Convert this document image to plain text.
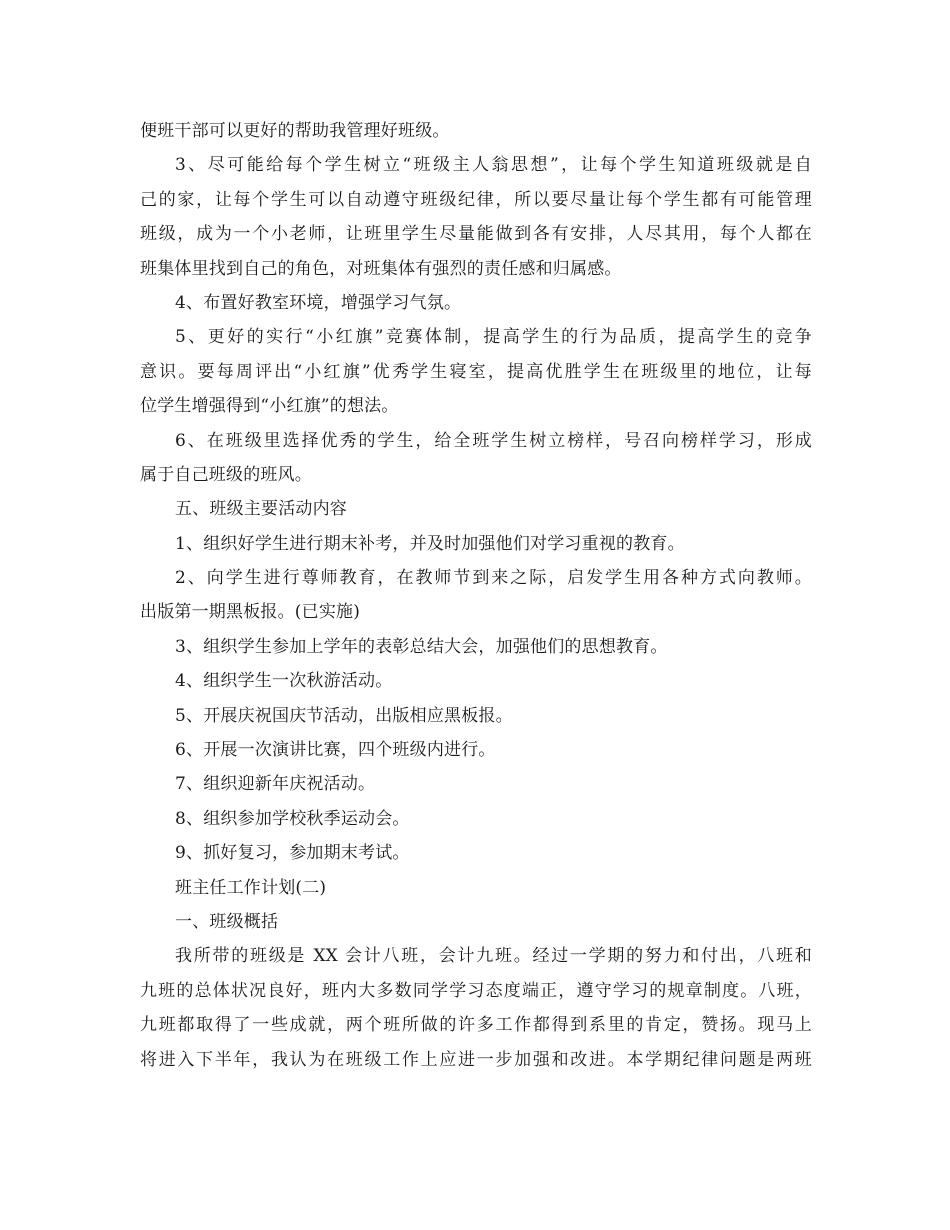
便班干部可以更好的帮助我管理好班级。
3、尽可能给每个学生树立“班级主人翁思想”，让每个学生知道班级就是自
己的家，让每个学生可以自动遵守班级纪律，所以要尽量让每个学生都有可能管理
班级，成为一个小老师，让班里学生尽量能做到各有安排，人尽其用，每个人都在
班集体里找到自己的角色，对班集体有强烈的责任感和归属感。
4、布置好教室环境，增强学习气氛。
5、更好的实行“小红旗”竞赛体制，提高学生的行为品质，提高学生的竞争
意识。要每周评出“小红旗”优秀学生寝室，提高优胜学生在班级里的地位，让每
位学生增强得到“小红旗”的想法。
6、在班级里选择优秀的学生，给全班学生树立榜样，号召向榜样学习，形成
属于自己班级的班风。
五、班级主要活动内容
1、组织好学生进行期末补考，并及时加强他们对学习重视的教育。
2、向学生进行尊师教育，在教师节到来之际，启发学生用各种方式向教师。
出版第一期黑板报。(已实施)
3、组织学生参加上学年的表彰总结大会，加强他们的思想教育。
4、组织学生一次秋游活动。
5、开展庆祝国庆节活动，出版相应黑板报。
6、开展一次演讲比赛，四个班级内进行。
7、组织迎新年庆祝活动。
8、组织参加学校秋季运动会。
9、抓好复习，参加期末考试。
班主任工作计划(二)
一、班级概括
我所带的班级是 XX 会计八班，会计九班。经过一学期的努力和付出，八班和
九班的总体状况良好，班内大多数同学学习态度端正，遵守学习的规章制度。八班，
九班都取得了一些成就，两个班所做的许多工作都得到系里的肯定，赞扬。现马上
将进入下半年，我认为在班级工作上应进一步加强和改进。本学期纪律问题是两班
